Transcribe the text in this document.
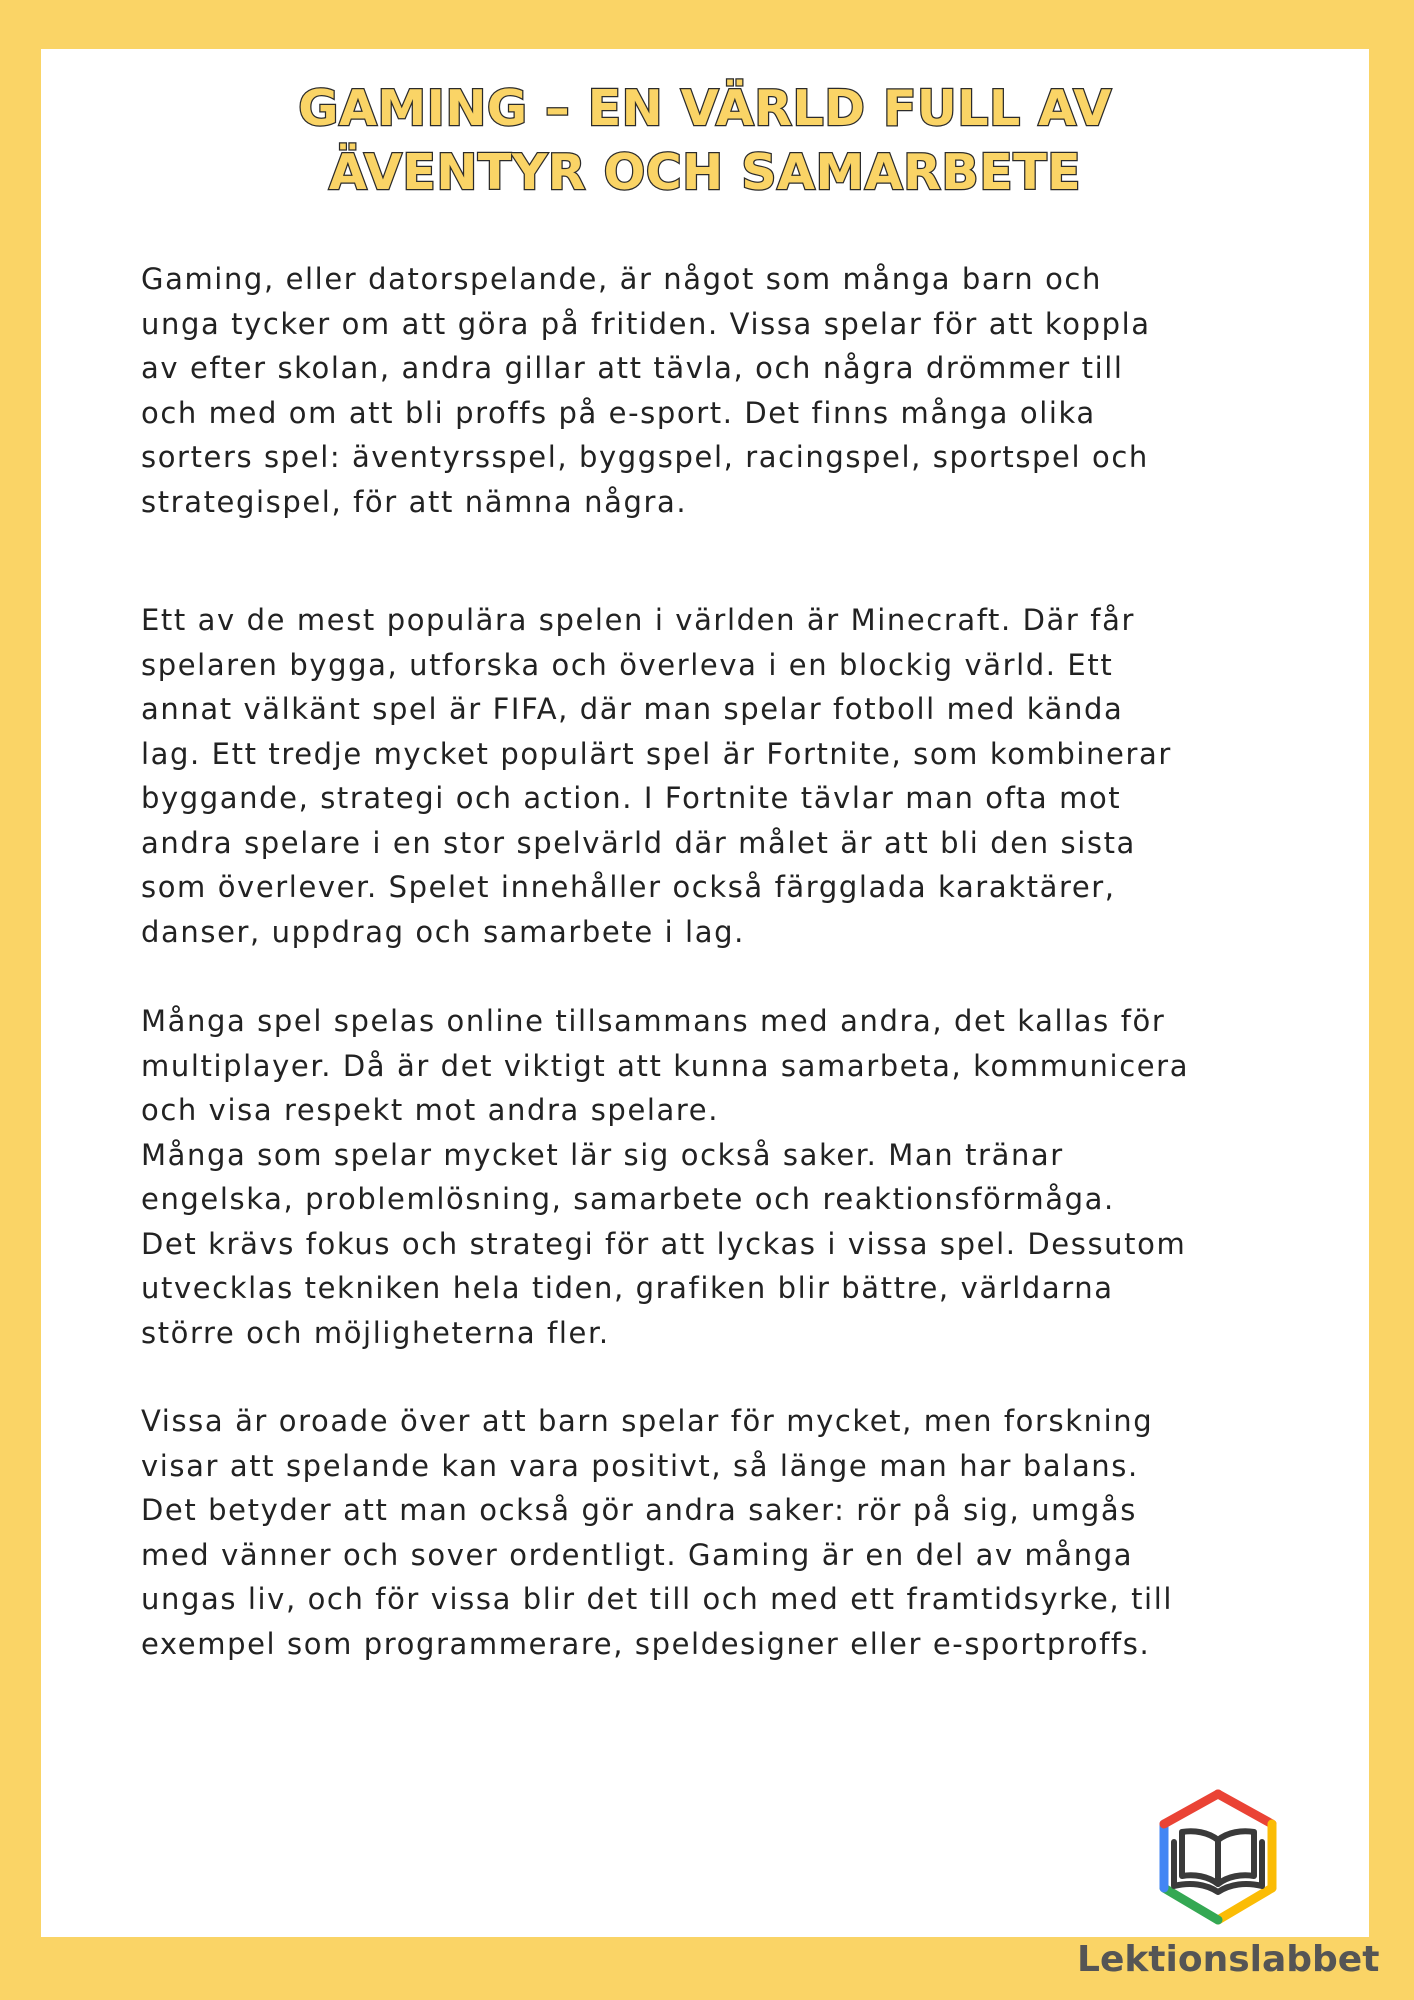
GAMING – EN VÄRLD FULL AV
ÄVENTYR OCH SAMARBETE

Gaming, eller datorspelande, är något som många barn och
unga tycker om att göra på fritiden. Vissa spelar för att koppla
av efter skolan, andra gillar att tävla, och några drömmer till
och med om att bli proffs på e-sport. Det finns många olika
sorters spel: äventyrsspel, byggspel, racingspel, sportspel och
strategispel, för att nämna några.

Ett av de mest populära spelen i världen är Minecraft. Där får
spelaren bygga, utforska och överleva i en blockig värld. Ett
annat välkänt spel är FIFA, där man spelar fotboll med kända
lag. Ett tredje mycket populärt spel är Fortnite, som kombinerar
byggande, strategi och action. I Fortnite tävlar man ofta mot
andra spelare i en stor spelvärld där målet är att bli den sista
som överlever. Spelet innehåller också färgglada karaktärer,
danser, uppdrag och samarbete i lag.

Många spel spelas online tillsammans med andra, det kallas för
multiplayer. Då är det viktigt att kunna samarbeta, kommunicera
och visa respekt mot andra spelare.
Många som spelar mycket lär sig också saker. Man tränar
engelska, problemlösning, samarbete och reaktionsförmåga.
Det krävs fokus och strategi för att lyckas i vissa spel. Dessutom
utvecklas tekniken hela tiden, grafiken blir bättre, världarna
större och möjligheterna fler.

Vissa är oroade över att barn spelar för mycket, men forskning
visar att spelande kan vara positivt, så länge man har balans.
Det betyder att man också gör andra saker: rör på sig, umgås
med vänner och sover ordentligt. Gaming är en del av många
ungas liv, och för vissa blir det till och med ett framtidsyrke, till
exempel som programmerare, speldesigner eller e-sportproffs.

Lektionslabbet
